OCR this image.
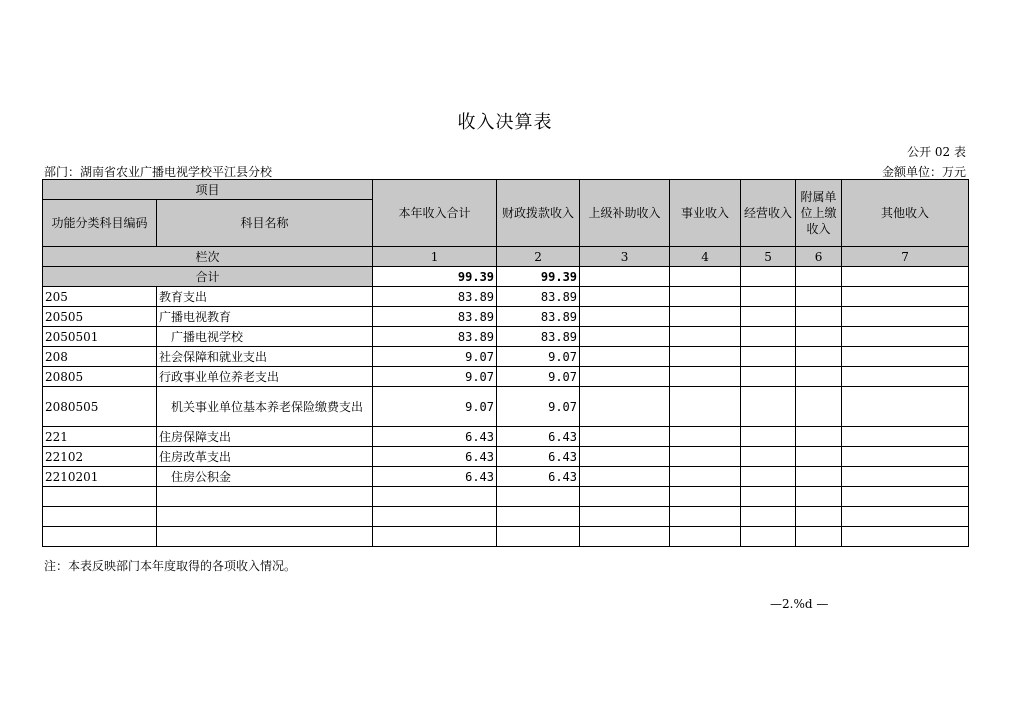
收入决算表
公开 02 表
部门：湖南省农业广播电视学校平江县分校	金额单位：万元
项目		本年收入合计	财政拨款收入	上级补助收入	事业收入	经营收入	附属单位上缴收入	其他收入
功能分类科目编码	科目名称							
栏次		1	2	3	4	5	6	7
合计		99.39	99.39					
205	教育支出	83.89	83.89					
20505	广播电视教育	83.89	83.89					
2050501	广播电视学校	83.89	83.89					
208	社会保障和就业支出	9.07	9.07					
20805	行政事业单位养老支出	9.07	9.07					
2080505	机关事业单位基本养老保险缴费支出	9.07	9.07					
221	住房保障支出	6.43	6.43					
22102	住房改革支出	6.43	6.43					
2210201	住房公积金	6.43	6.43					

注：本表反映部门本年度取得的各项收入情况。
—2.%d —
